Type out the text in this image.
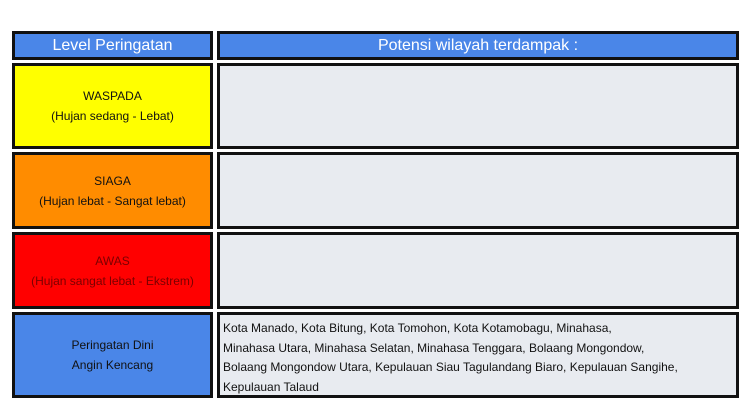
Level Peringatan	Potensi wilayah terdampak :
WASPADA
(Hujan sedang - Lebat)
SIAGA
(Hujan lebat - Sangat lebat)
AWAS
(Hujan sangat lebat - Ekstrem)
Peringatan Dini
Angin Kencang
Kota Manado, Kota Bitung, Kota Tomohon, Kota Kotamobagu, Minahasa,
Minahasa Utara, Minahasa Selatan, Minahasa Tenggara, Bolaang Mongondow,
Bolaang Mongondow Utara, Kepulauan Siau Tagulandang Biaro, Kepulauan Sangihe,
Kepulauan Talaud
